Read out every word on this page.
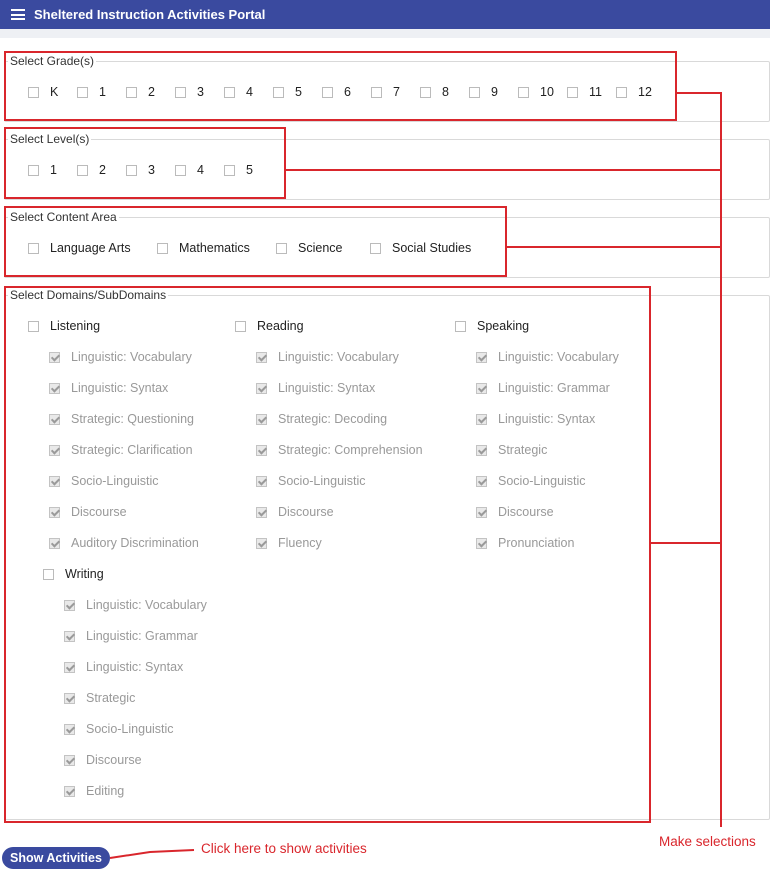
Sheltered Instruction Activities Portal
Select Grade(s)
K	1	2	3	4	5	6	7	8	9	10	11	12
Select Level(s)
1	2	3	4	5
Select Content Area
Language Arts	Mathematics	Science	Social Studies
Select Domains/SubDomains
Listening
Linguistic: Vocabulary
Linguistic: Syntax
Strategic: Questioning
Strategic: Clarification
Socio-Linguistic
Discourse
Auditory Discrimination
Reading
Linguistic: Vocabulary
Linguistic: Syntax
Strategic: Decoding
Strategic: Comprehension
Socio-Linguistic
Discourse
Fluency
Speaking
Linguistic: Vocabulary
Linguistic: Grammar
Linguistic: Syntax
Strategic
Socio-Linguistic
Discourse
Pronunciation
Writing
Linguistic: Vocabulary
Linguistic: Grammar
Linguistic: Syntax
Strategic
Socio-Linguistic
Discourse
Editing
Make selections
Show Activities
Click here to show activities
